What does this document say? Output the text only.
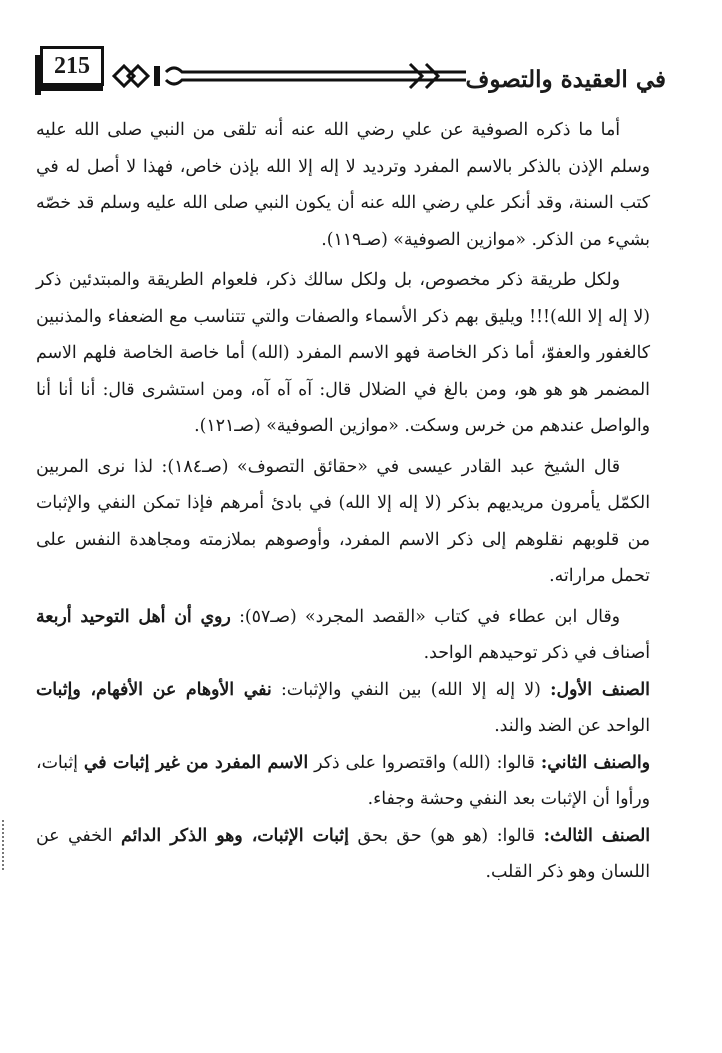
215
في العقيدة والتصوف

أما ما ذكره الصوفية عن علي رضي الله عنه أنه تلقى من النبي صلى الله عليه وسلم الإذن بالذكر بالاسم المفرد وترديد لا إله إلا الله بإذن خاص، فهذا لا أصل له في كتب السنة، وقد أنكر علي رضي الله عنه أن يكون النبي صلى الله عليه وسلم قد خصّه بشيء من الذكر. «موازين الصوفية» (صـ١١٩).

ولكل طريقة ذكر مخصوص، بل ولكل سالك ذكر، فلعوام الطريقة والمبتدئين ذكر (لا إله إلا الله)!!! ويليق بهم ذكر الأسماء والصفات والتي تتناسب مع الضعفاء والمذنبين كالغفور والعفوّ، أما ذكر الخاصة فهو الاسم المفرد (الله) أما خاصة الخاصة فلهم الاسم المضمر هو هو هو، ومن بالغ في الضلال قال: آه آه آه، ومن استشرى قال: أنا أنا أنا والواصل عندهم من خرس وسكت. «موازين الصوفية» (صـ١٢١).

قال الشيخ عبد القادر عيسى في «حقائق التصوف» (صـ١٨٤): لذا نرى المربين الكمّل يأمرون مريديهم بذكر (لا إله إلا الله) في بادئ أمرهم فإذا تمكن النفي والإثبات من قلوبهم نقلوهم إلى ذكر الاسم المفرد، وأوصوهم بملازمته ومجاهدة النفس على تحمل مراراته.

وقال ابن عطاء في كتاب «القصد المجرد» (صـ٥٧): روي أن أهل التوحيد أربعة أصناف في ذكر توحيدهم الواحد.

الصنف الأول: (لا إله إلا الله) بين النفي والإثبات: نفي الأوهام عن الأفهام، وإثبات الواحد عن الضد والند.

والصنف الثاني: قالوا: (الله) واقتصروا على ذكر الاسم المفرد من غير إثبات في إثبات، ورأوا أن الإثبات بعد النفي وحشة وجفاء.

الصنف الثالث: قالوا: (هو هو) حق بحق إثبات الإثبات، وهو الذكر الدائم الخفي عن اللسان وهو ذكر القلب.
